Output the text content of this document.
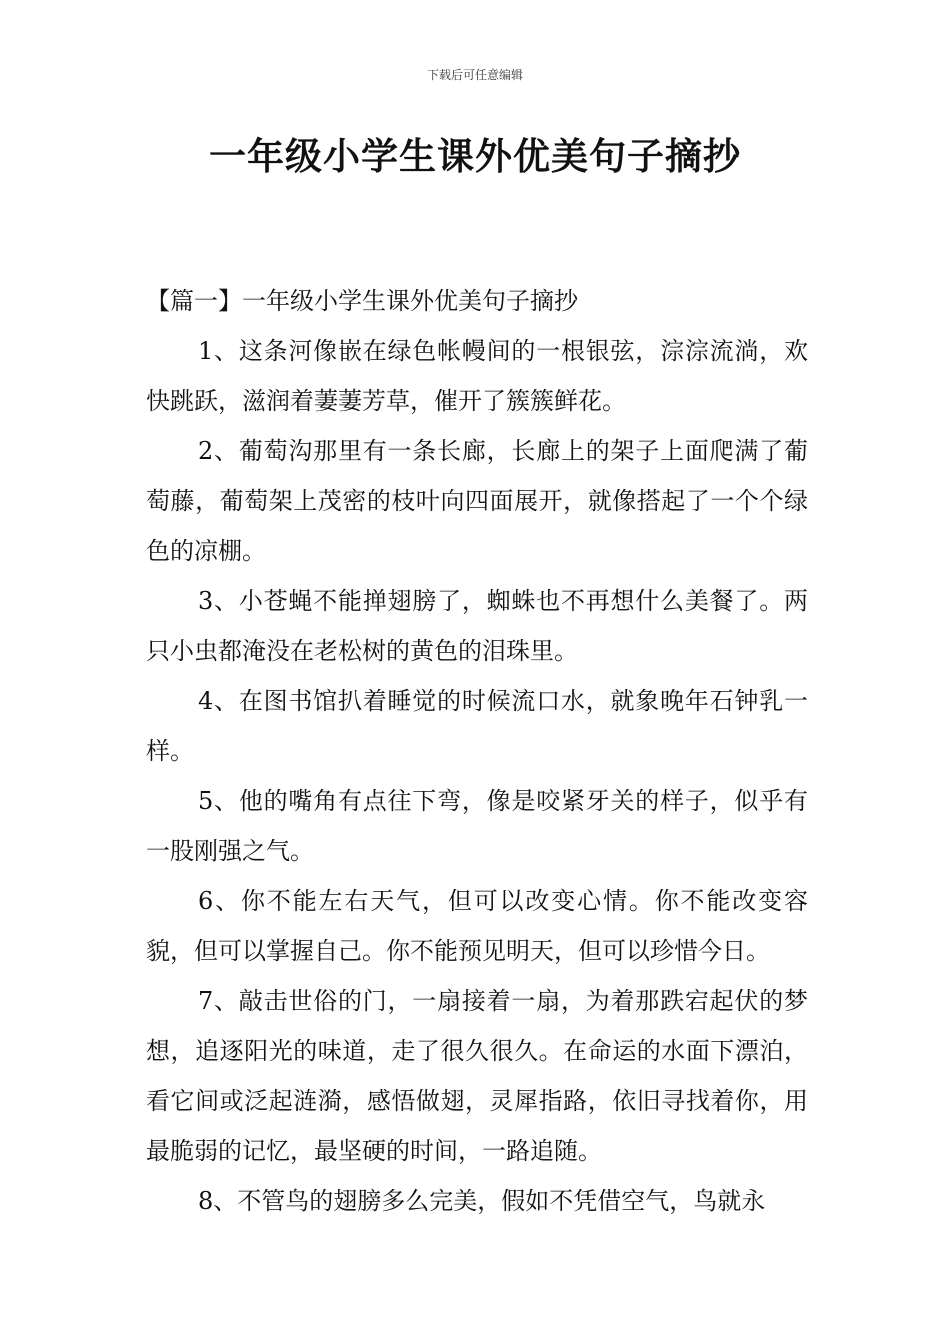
下载后可任意编辑
一年级小学生课外优美句子摘抄

【篇一】一年级小学生课外优美句子摘抄

1、这条河像嵌在绿色帐幔间的一根银弦，淙淙流淌，欢快跳跃，滋润着萋萋芳草，催开了簇簇鲜花。

2、葡萄沟那里有一条长廊，长廊上的架子上面爬满了葡萄藤，葡萄架上茂密的枝叶向四面展开，就像搭起了一个个绿色的凉棚。

3、小苍蝇不能掸翅膀了，蜘蛛也不再想什么美餐了。两只小虫都淹没在老松树的黄色的泪珠里。

4、在图书馆扒着睡觉的时候流口水，就象晚年石钟乳一样。

5、他的嘴角有点往下弯，像是咬紧牙关的样子，似乎有一股刚强之气。

6、你不能左右天气，但可以改变心情。你不能改变容貌，但可以掌握自己。你不能预见明天，但可以珍惜今日。

7、敲击世俗的门，一扇接着一扇，为着那跌宕起伏的梦想，追逐阳光的味道，走了很久很久。在命运的水面下漂泊，看它间或泛起涟漪，感悟做翅，灵犀指路，依旧寻找着你，用最脆弱的记忆，最坚硬的时间，一路追随。

8、不管鸟的翅膀多么完美，假如不凭借空气，鸟就永
